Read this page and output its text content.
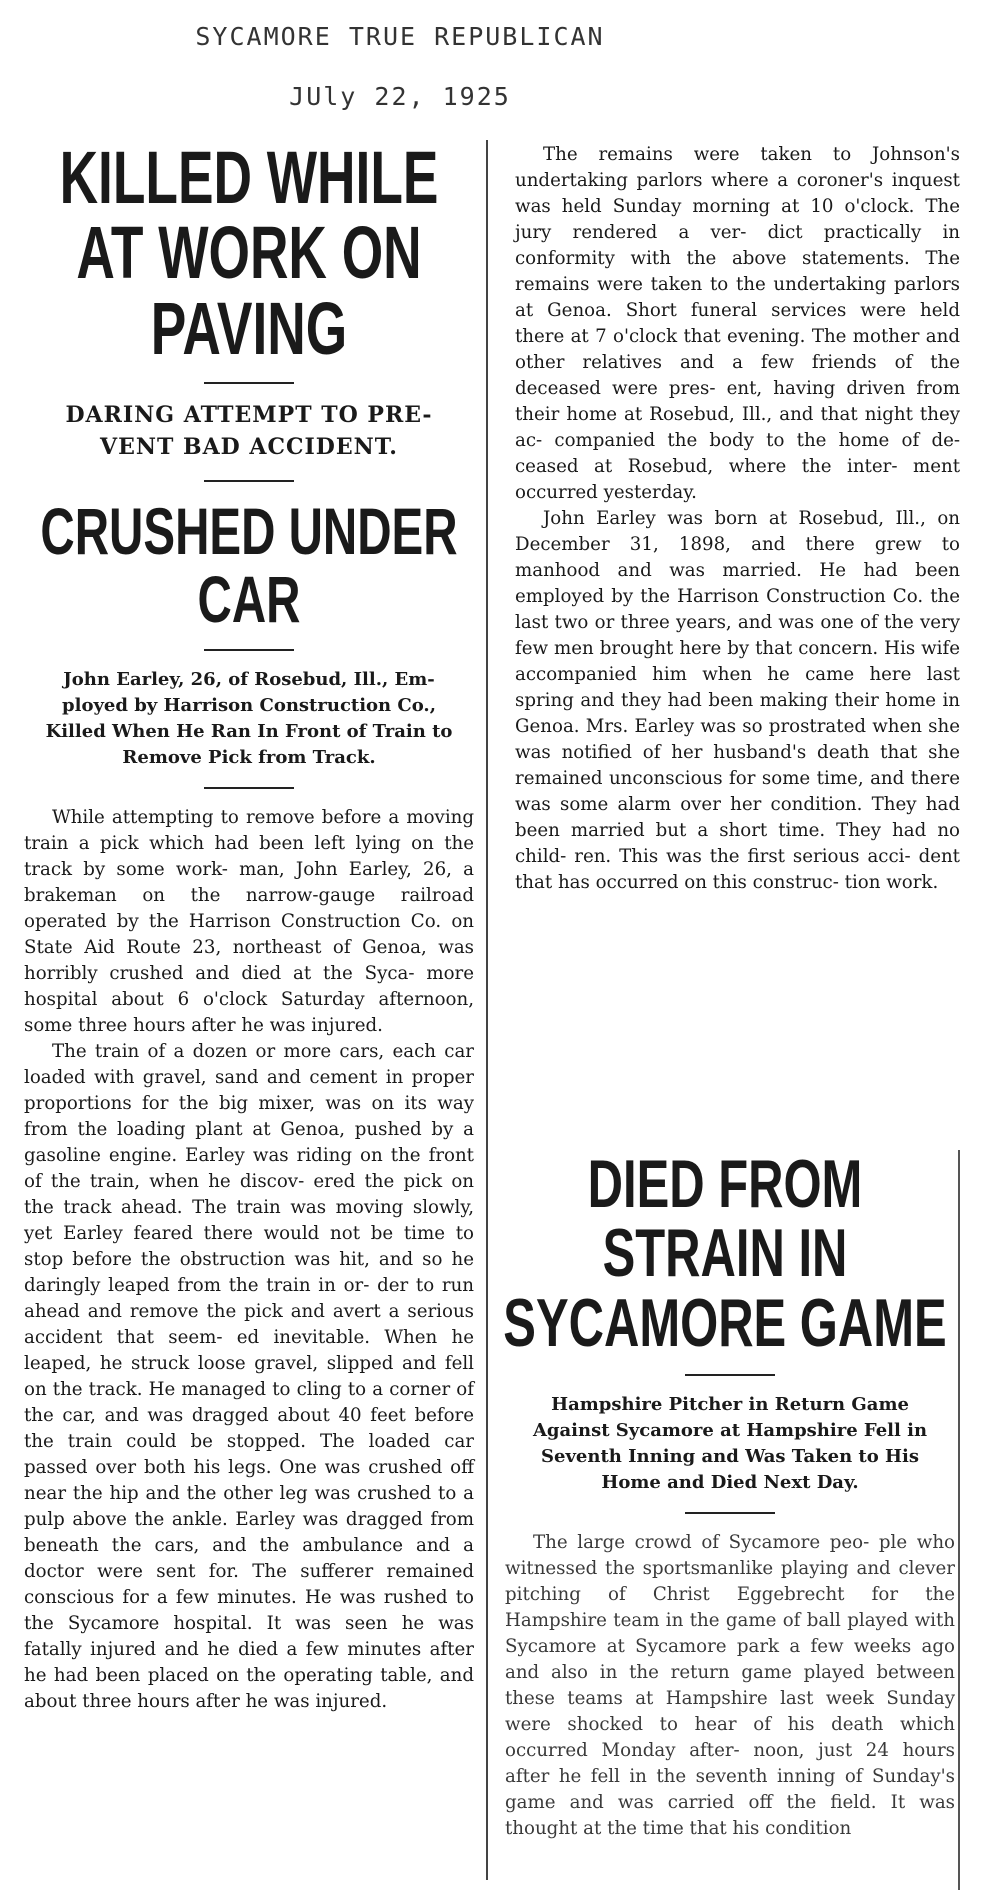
SYCAMORE TRUE REPUBLICAN
JUly 22, 1925
KILLED WHILE AT WORK ON PAVING

DARING ATTEMPT TO PRE- VENT BAD ACCIDENT.

CRUSHED UNDER CAR

John Earley, 26, of Rosebud, Ill., Em- ployed by Harrison Construction Co., Killed When He Ran In Front of Train to Remove Pick from Track.

While attempting to remove before a moving train a pick which had been left lying on the track by some work- man, John Earley, 26, a brakeman on the narrow-gauge railroad operated by the Harrison Construction Co. on State Aid Route 23, northeast of Genoa, was horribly crushed and died at the Syca- more hospital about 6 o'clock Saturday afternoon, some three hours after he was injured.

The train of a dozen or more cars, each car loaded with gravel, sand and cement in proper proportions for the big mixer, was on its way from the loading plant at Genoa, pushed by a gasoline engine. Earley was riding on the front of the train, when he discov- ered the pick on the track ahead. The train was moving slowly, yet Earley feared there would not be time to stop before the obstruction was hit, and so he daringly leaped from the train in or- der to run ahead and remove the pick and avert a serious accident that seem- ed inevitable. When he leaped, he struck loose gravel, slipped and fell on the track. He managed to cling to a corner of the car, and was dragged about 40 feet before the train could be stopped. The loaded car passed over both his legs. One was crushed off near the hip and the other leg was crushed to a pulp above the ankle. Earley was dragged from beneath the cars, and the ambulance and a doctor were sent for. The sufferer remained conscious for a few minutes. He was rushed to the Sycamore hospital. It was seen he was fatally injured and he died a few minutes after he had been placed on the operating table, and about three hours after he was injured.

The remains were taken to Johnson's undertaking parlors where a coroner's inquest was held Sunday morning at 10 o'clock. The jury rendered a ver- dict practically in conformity with the above statements. The remains were taken to the undertaking parlors at Genoa. Short funeral services were held there at 7 o'clock that evening. The mother and other relatives and a few friends of the deceased were pres- ent, having driven from their home at Rosebud, Ill., and that night they ac- companied the body to the home of de- ceased at Rosebud, where the inter- ment occurred yesterday.

John Earley was born at Rosebud, Ill., on December 31, 1898, and there grew to manhood and was married. He had been employed by the Harrison Construction Co. the last two or three years, and was one of the very few men brought here by that concern. His wife accompanied him when he came here last spring and they had been making their home in Genoa. Mrs. Earley was so prostrated when she was notified of her husband's death that she remained unconscious for some time, and there was some alarm over her condition. They had been married but a short time. They had no child- ren. This was the first serious acci- dent that has occurred on this construc- tion work.

DIED FROM STRAIN IN SYCAMORE GAME

Hampshire Pitcher in Return Game Against Sycamore at Hampshire Fell in Seventh Inning and Was Taken to His Home and Died Next Day.

The large crowd of Sycamore peo- ple who witnessed the sportsmanlike playing and clever pitching of Christ Eggebrecht for the Hampshire team in the game of ball played with Sycamore at Sycamore park a few weeks ago and also in the return game played between these teams at Hampshire last week Sunday were shocked to hear of his death which occurred Monday after- noon, just 24 hours after he fell in the seventh inning of Sunday's game and was carried off the field. It was thought at the time that his condition
